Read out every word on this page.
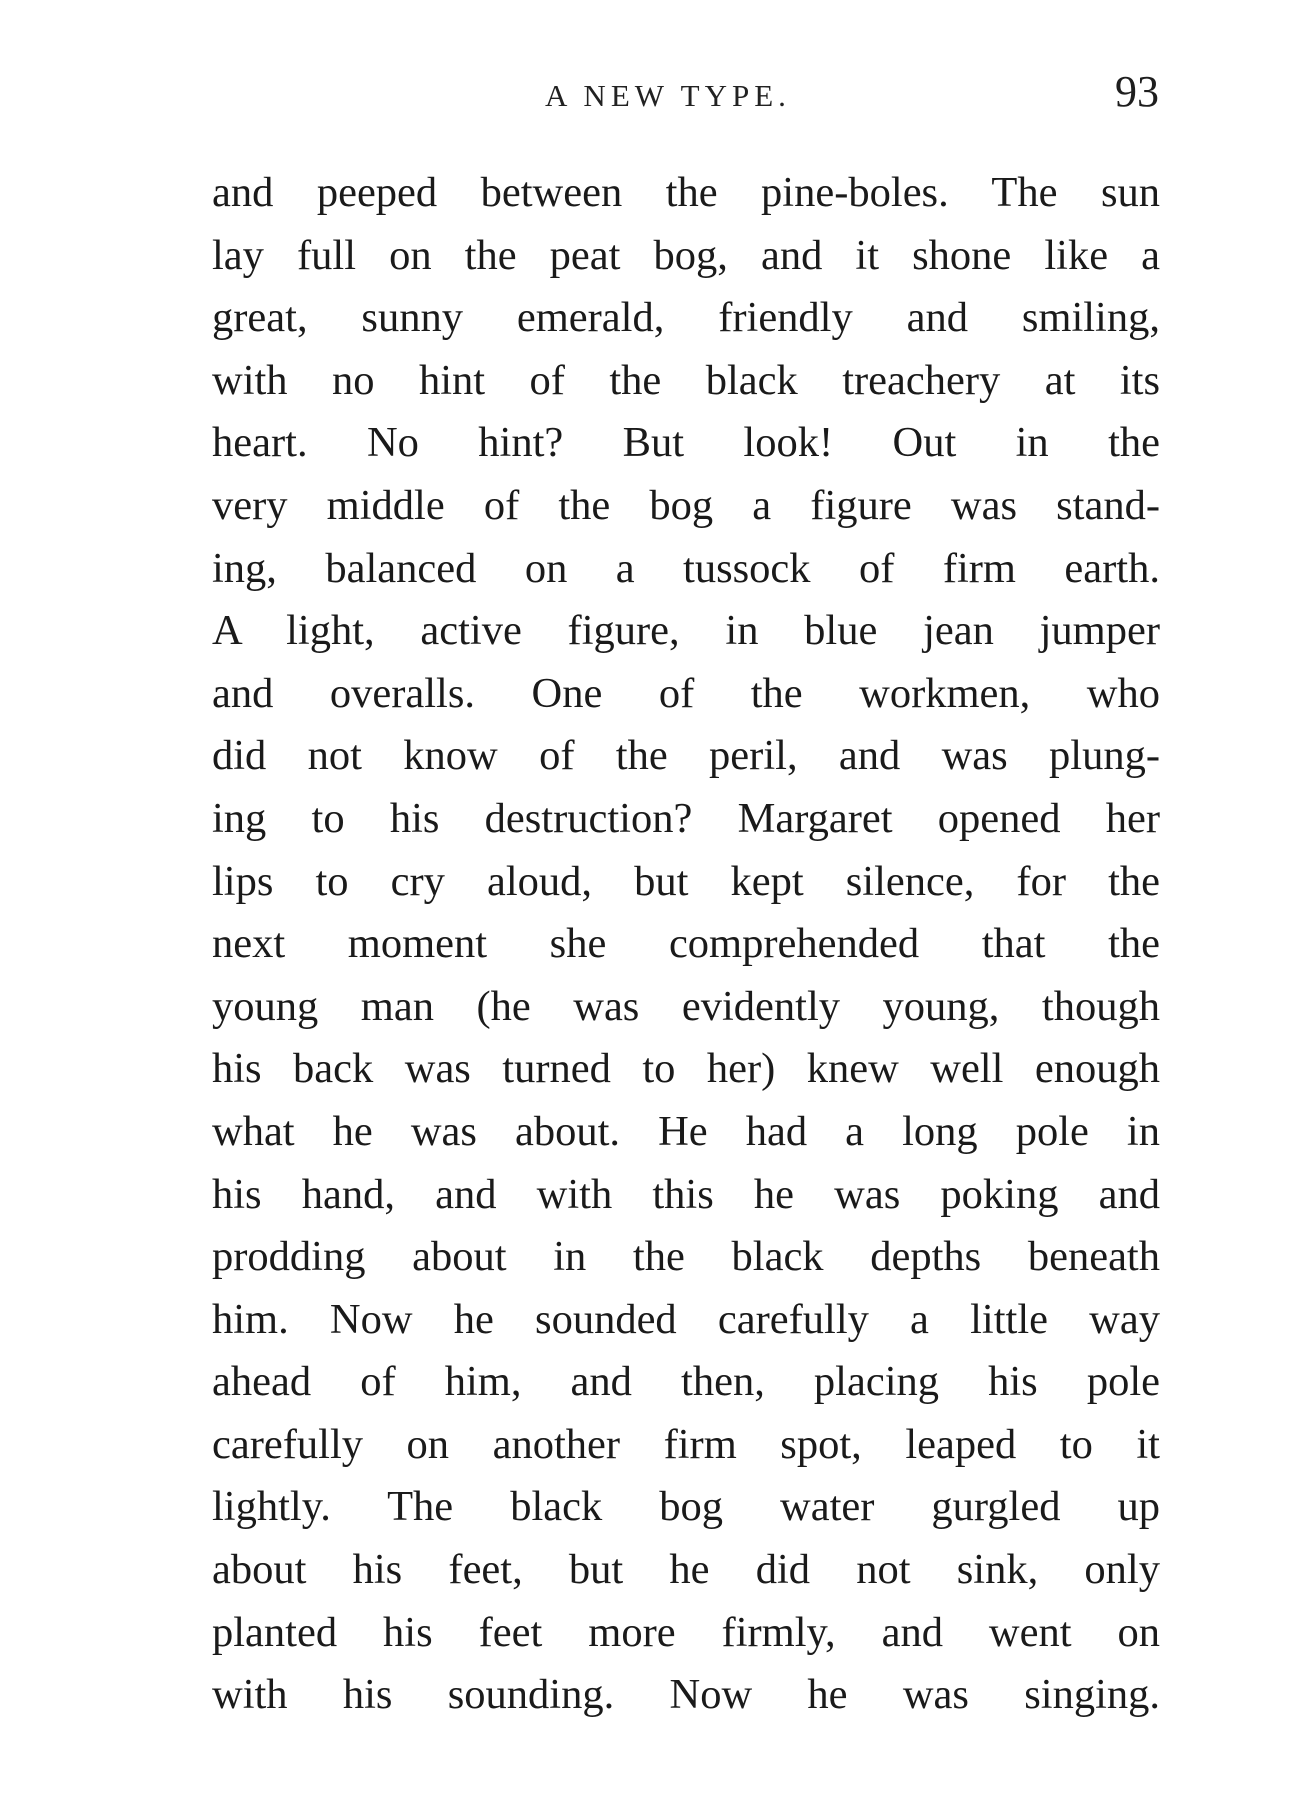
A NEW TYPE.	93
and peeped between the pine-boles. The sun
lay full on the peat bog, and it shone like a
great, sunny emerald, friendly and smiling,
with no hint of the black treachery at its
heart. No hint? But look! Out in the
very middle of the bog a figure was stand-
ing, balanced on a tussock of firm earth.
A light, active figure, in blue jean jumper
and overalls. One of the workmen, who
did not know of the peril, and was plung-
ing to his destruction? Margaret opened her
lips to cry aloud, but kept silence, for the
next moment she comprehended that the
young man (he was evidently young, though
his back was turned to her) knew well enough
what he was about. He had a long pole in
his hand, and with this he was poking and
prodding about in the black depths beneath
him. Now he sounded carefully a little way
ahead of him, and then, placing his pole
carefully on another firm spot, leaped to it
lightly. The black bog water gurgled up
about his feet, but he did not sink, only
planted his feet more firmly, and went on
with his sounding. Now he was singing.
